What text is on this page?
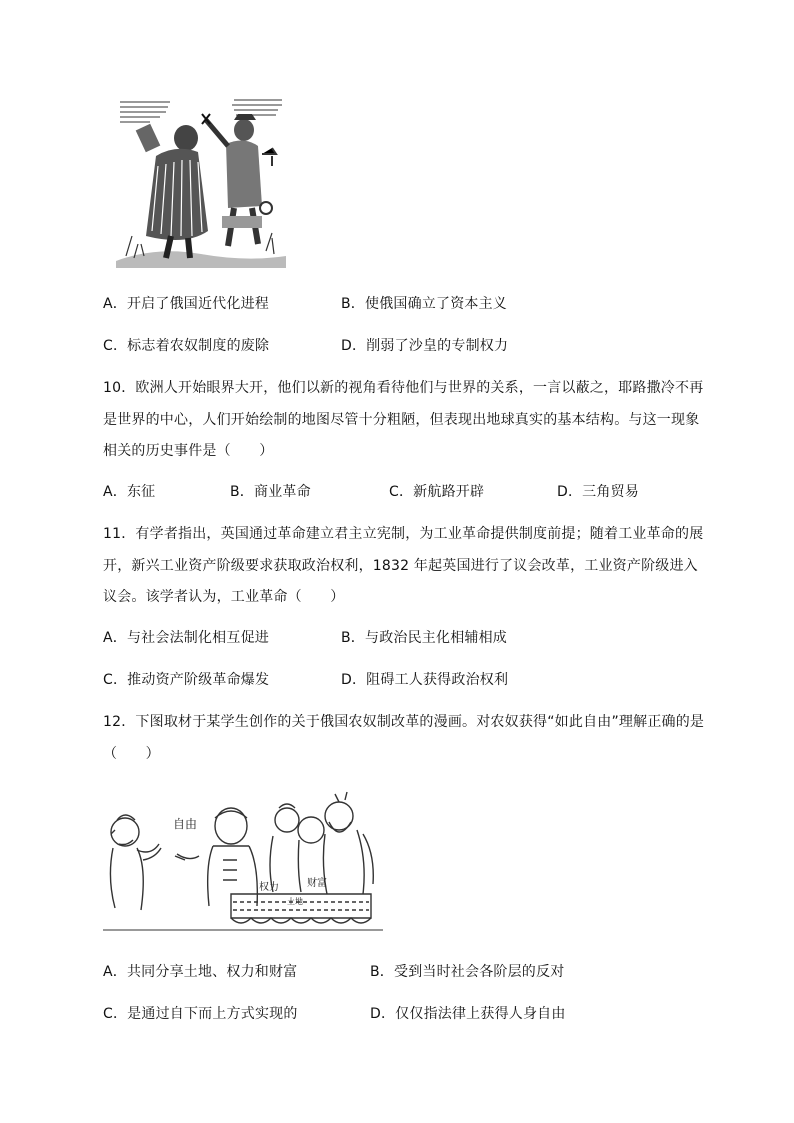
A．开启了俄国近代化进程	B．使俄国确立了资本主义
C．标志着农奴制度的废除	D．削弱了沙皇的专制权力
10．欧洲人开始眼界大开，他们以新的视角看待他们与世界的关系，一言以蔽之，耶路撒冷不再
是世界的中心，人们开始绘制的地图尽管十分粗陋，但表现出地球真实的基本结构。与这一现象
相关的历史事件是（　　）
A．东征	B．商业革命	C．新航路开辟	D．三角贸易
11．有学者指出，英国通过革命建立君主立宪制，为工业革命提供制度前提；随着工业革命的展
开，新兴工业资产阶级要求获取政治权利，1832 年起英国进行了议会改革，工业资产阶级进入
议会。该学者认为，工业革命（　　）
A．与社会法制化相互促进	B．与政治民主化相辅相成
C．推动资产阶级革命爆发	D．阻碍工人获得政治权利
12．下图取材于某学生创作的关于俄国农奴制改革的漫画。对农奴获得“如此自由”理解正确的是
（　　）
自由
权力	财富
土地
A．共同分享土地、权力和财富	B．受到当时社会各阶层的反对
C．是通过自下而上方式实现的	D．仅仅指法律上获得人身自由
